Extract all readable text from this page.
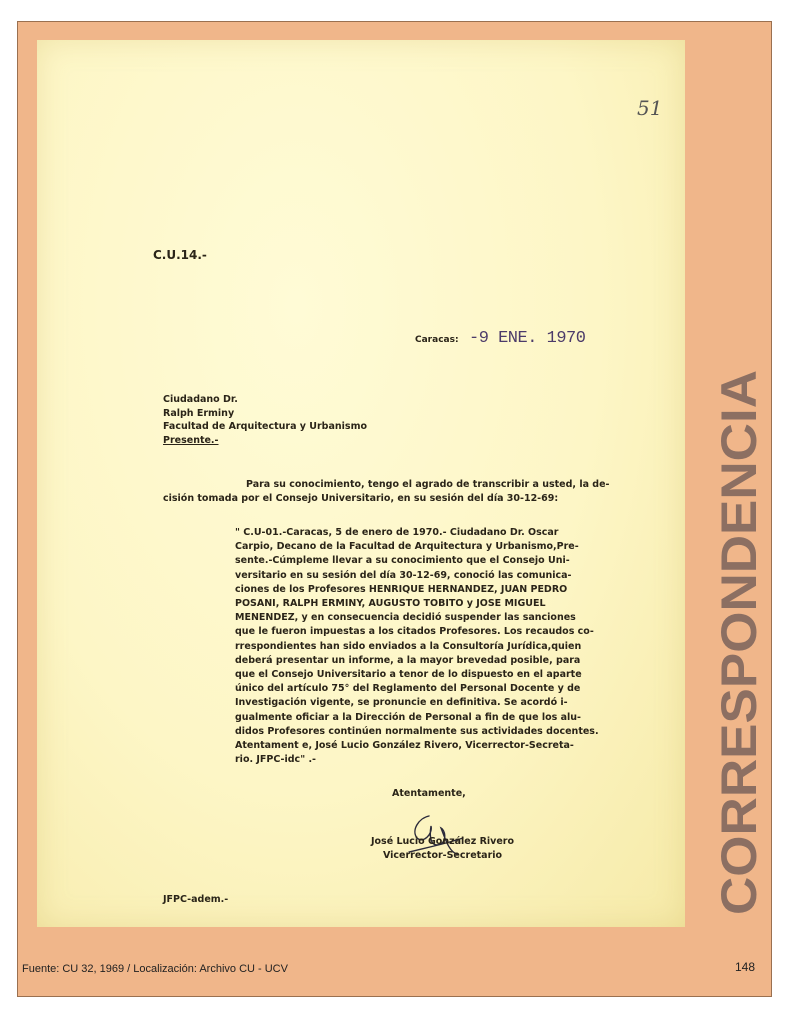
51
C.U.14.-
Caracas: -9 ENE. 1970
Ciudadano Dr.
Ralph Erminy
Facultad de Arquitectura y Urbanismo
Presente.-
Para su conocimiento, tengo el agrado de transcribir a usted, la de-
cisión tomada por el Consejo Universitario, en su sesión del día 30-12-69:
" C.U-01.-Caracas, 5 de enero de 1970.- Ciudadano Dr. Oscar
Carpio, Decano de la Facultad de Arquitectura y Urbanismo,Pre-
sente.-Cúmpleme llevar a su conocimiento que el Consejo Uni-
versitario en su sesión del día 30-12-69, conoció las comunica-
ciones de los Profesores HENRIQUE HERNANDEZ, JUAN PEDRO
POSANI, RALPH ERMINY, AUGUSTO TOBITO y JOSE MIGUEL
MENENDEZ, y en consecuencia decidió suspender las sanciones
que le fueron impuestas a los citados Profesores. Los recaudos co-
rrespondientes han sido enviados a la Consultoría Jurídica,quien
deberá presentar un informe, a la mayor brevedad posible, para
que el Consejo Universitario a tenor de lo dispuesto en el aparte
único del artículo 75° del Reglamento del Personal Docente y de
Investigación vigente, se pronuncie en definitiva. Se acordó i-
gualmente oficiar a la Dirección de Personal a fin de que los alu-
didos Profesores continúen normalmente sus actividades docentes.
Atentament e, José Lucio González Rivero, Vicerrector-Secreta-
rio. JFPC-idc" .-
Atentamente,
José Lucio González Rivero
Vicerrector-Secretario
JFPC-adem.-	CORRESPONDENCIA
Fuente: CU 32, 1969 / Localización: Archivo CU - UCV	148
